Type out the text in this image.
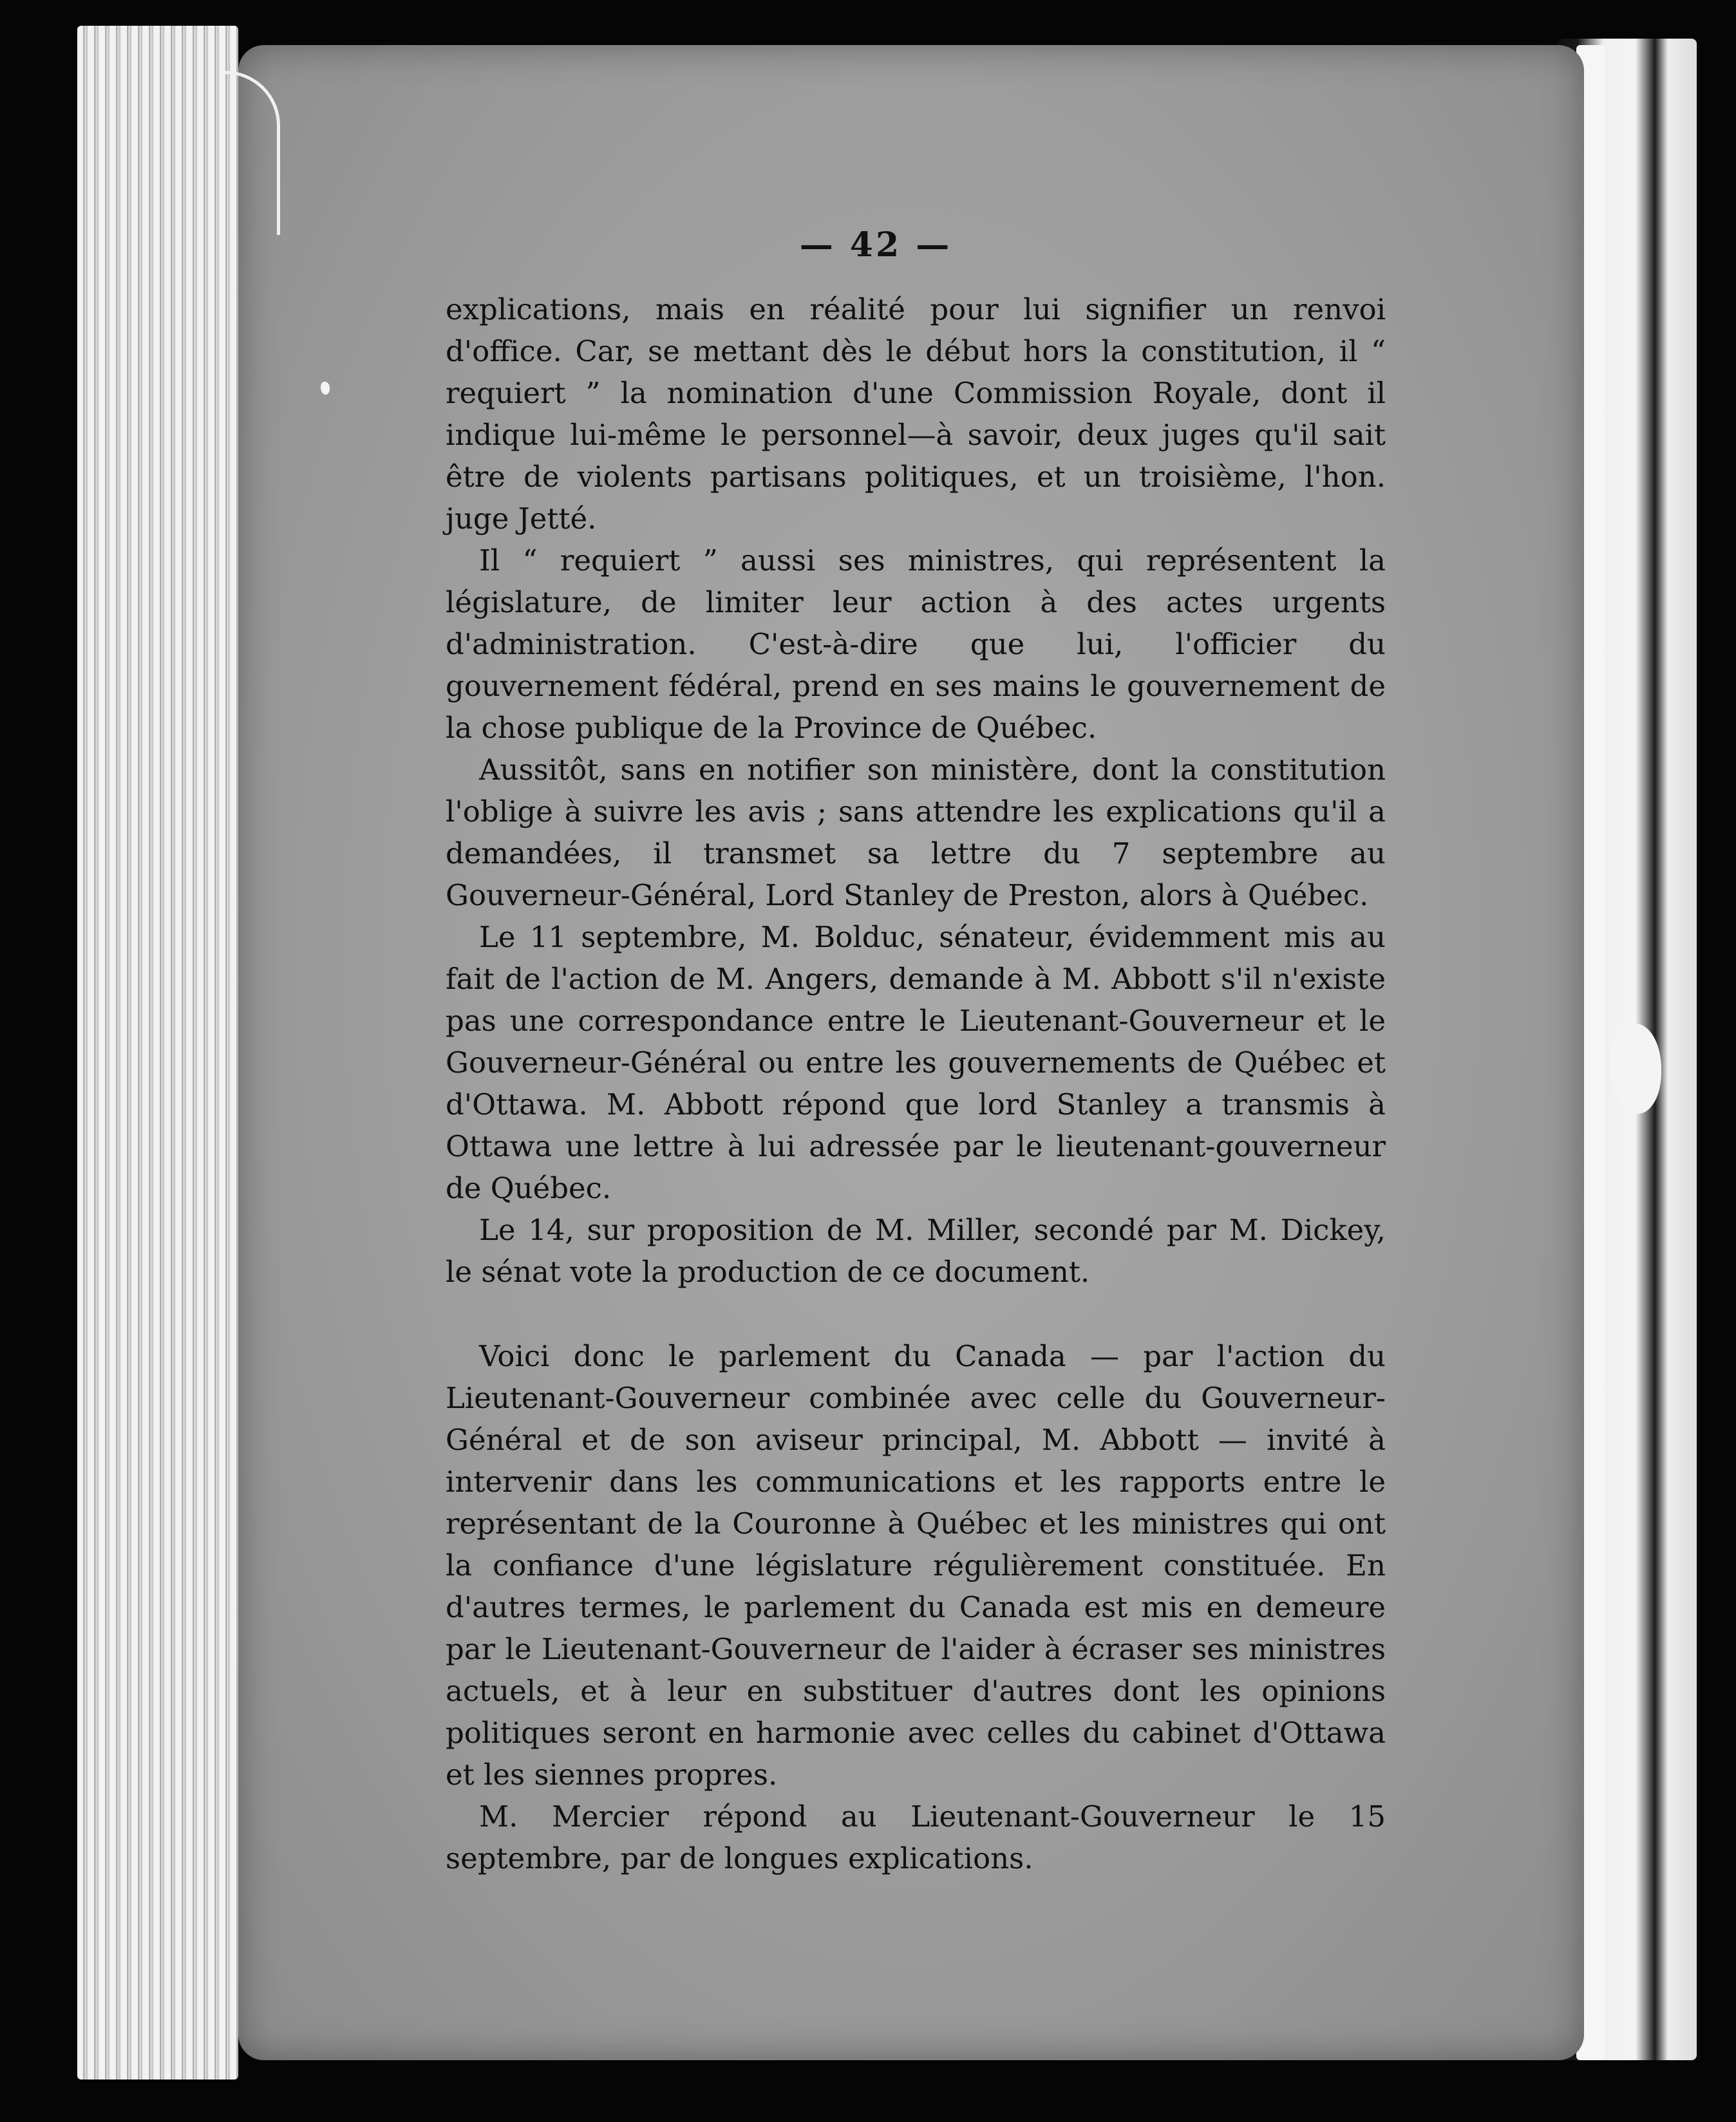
— 42 —

explications, mais en réalité pour lui signifier un renvoi d'office. Car, se mettant dès le début hors la constitution, il “ requiert ” la nomination d'une Commission Royale, dont il indique lui-même le personnel—à savoir, deux juges qu'il sait être de violents partisans politiques, et un troisième, l'hon. juge Jetté.

Il “ requiert ” aussi ses ministres, qui représentent la législature, de limiter leur action à des actes urgents d'administration. C'est-à-dire que lui, l'officier du gouvernement fédéral, prend en ses mains le gouvernement de la chose publique de la Province de Québec.

Aussitôt, sans en notifier son ministère, dont la constitution l'oblige à suivre les avis ; sans attendre les explications qu'il a demandées, il transmet sa lettre du 7 septembre au Gouverneur-Général, Lord Stanley de Preston, alors à Québec.

Le 11 septembre, M. Bolduc, sénateur, évidemment mis au fait de l'action de M. Angers, demande à M. Abbott s'il n'existe pas une correspondance entre le Lieutenant-Gouverneur et le Gouverneur-Général ou entre les gouvernements de Québec et d'Ottawa. M. Abbott répond que lord Stanley a transmis à Ottawa une lettre à lui adressée par le lieutenant-gouverneur de Québec.

Le 14, sur proposition de M. Miller, secondé par M. Dickey, le sénat vote la production de ce document.

Voici donc le parlement du Canada — par l'action du Lieutenant-Gouverneur combinée avec celle du Gouverneur-Général et de son aviseur principal, M. Abbott — invité à intervenir dans les communications et les rapports entre le représentant de la Couronne à Québec et les ministres qui ont la confiance d'une législature régulièrement constituée. En d'autres termes, le parlement du Canada est mis en demeure par le Lieutenant-Gouverneur de l'aider à écraser ses ministres actuels, et à leur en substituer d'autres dont les opinions politiques seront en harmonie avec celles du cabinet d'Ottawa et les siennes propres.

M. Mercier répond au Lieutenant-Gouverneur le 15 septembre, par de longues explications.
